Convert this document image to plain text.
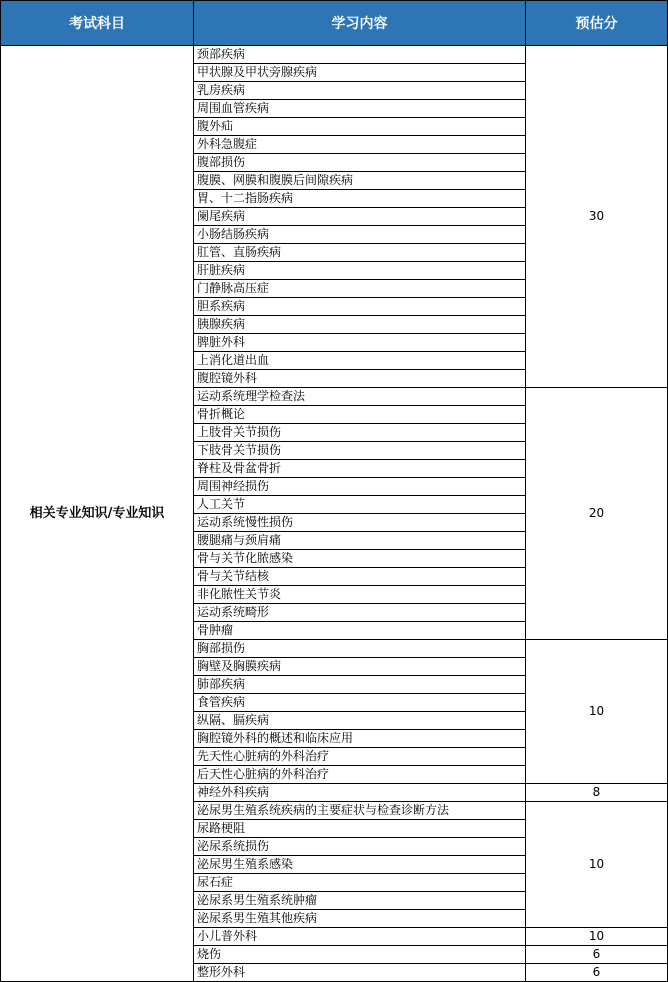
考试科目	学习内容	预估分
相关专业知识/专业知识	颈部疾病	30
	甲状腺及甲状旁腺疾病	
	乳房疾病	
	周围血管疾病	
	腹外疝	
	外科急腹症	
	腹部损伤	
	腹膜、网膜和腹膜后间隙疾病	
	胃、十二指肠疾病	
	阑尾疾病	
	小肠结肠疾病	
	肛管、直肠疾病	
	肝脏疾病	
	门静脉高压症	
	胆系疾病	
	胰腺疾病	
	脾脏外科	
	上消化道出血	
	腹腔镜外科	
	运动系统理学检查法	20
	骨折概论	
	上肢骨关节损伤	
	下肢骨关节损伤	
	脊柱及骨盆骨折	
	周围神经损伤	
	人工关节	
	运动系统慢性损伤	
	腰腿痛与颈肩痛	
	骨与关节化脓感染	
	骨与关节结核	
	非化脓性关节炎	
	运动系统畸形	
	骨肿瘤	
	胸部损伤	10
	胸壁及胸膜疾病	
	肺部疾病	
	食管疾病	
	纵隔、膈疾病	
	胸腔镜外科的概述和临床应用	
	先天性心脏病的外科治疗	
	后天性心脏病的外科治疗	
	神经外科疾病	8
	泌尿男生殖系统疾病的主要症状与检查诊断方法	10
	尿路梗阻	
	泌尿系统损伤	
	泌尿男生殖系感染	
	尿石症	
	泌尿系男生殖系统肿瘤	
	泌尿系男生殖其他疾病	
	小儿普外科	10
	烧伤	6
	整形外科	6
